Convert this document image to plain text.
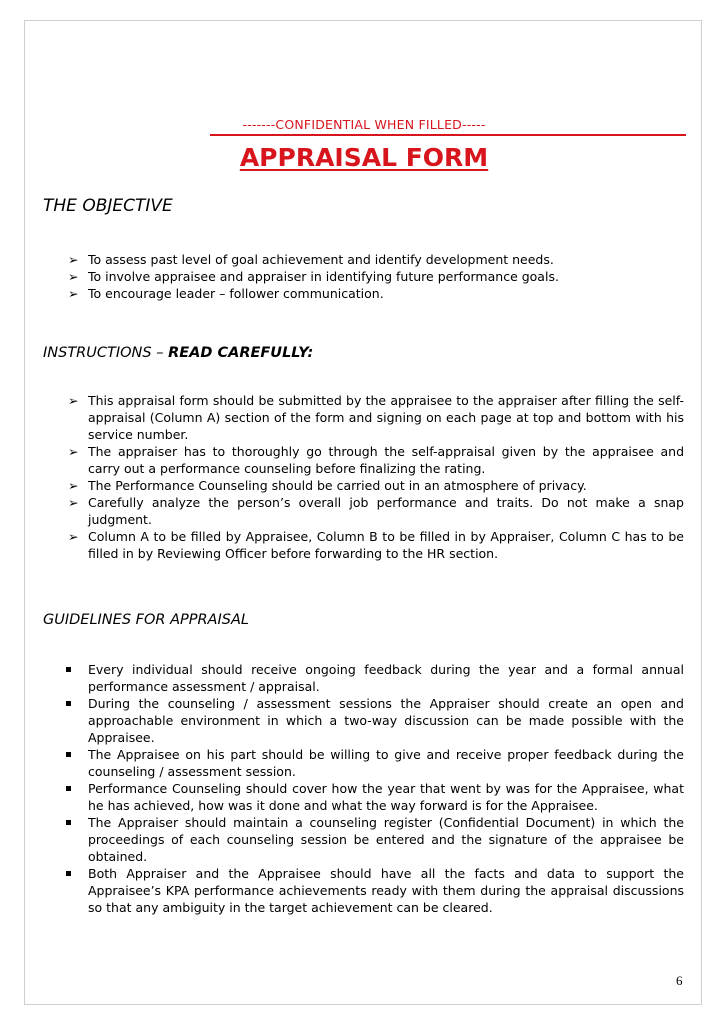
-------CONFIDENTIAL WHEN FILLED-----
APPRAISAL FORM
THE OBJECTIVE
➢ To assess past level of goal achievement and identify development needs.
➢ To involve appraisee and appraiser in identifying future performance goals.
➢ To encourage leader – follower communication.
INSTRUCTIONS – READ CAREFULLY:
➢ This appraisal form should be submitted by the appraisee to the appraiser after filling the self-appraisal (Column A) section of the form and signing on each page at top and bottom with his service number.
➢ The appraiser has to thoroughly go through the self-appraisal given by the appraisee and carry out a performance counseling before finalizing the rating.
➢ The Performance Counseling should be carried out in an atmosphere of privacy.
➢ Carefully analyze the person’s overall job performance and traits. Do not make a snap judgment.
➢ Column A to be filled by Appraisee, Column B to be filled in by Appraiser, Column C has to be filled in by Reviewing Officer before forwarding to the HR section.
GUIDELINES FOR APPRAISAL
Every individual should receive ongoing feedback during the year and a formal annual performance assessment / appraisal.
During the counseling / assessment sessions the Appraiser should create an open and approachable environment in which a two-way discussion can be made possible with the Appraisee.
The Appraisee on his part should be willing to give and receive proper feedback during the counseling / assessment session.
Performance Counseling should cover how the year that went by was for the Appraisee, what he has achieved, how was it done and what the way forward is for the Appraisee.
The Appraiser should maintain a counseling register (Confidential Document) in which the proceedings of each counseling session be entered and the signature of the appraisee be obtained.
Both Appraiser and the Appraisee should have all the facts and data to support the Appraisee’s KPA performance achievements ready with them during the appraisal discussions so that any ambiguity in the target achievement can be cleared.
6
